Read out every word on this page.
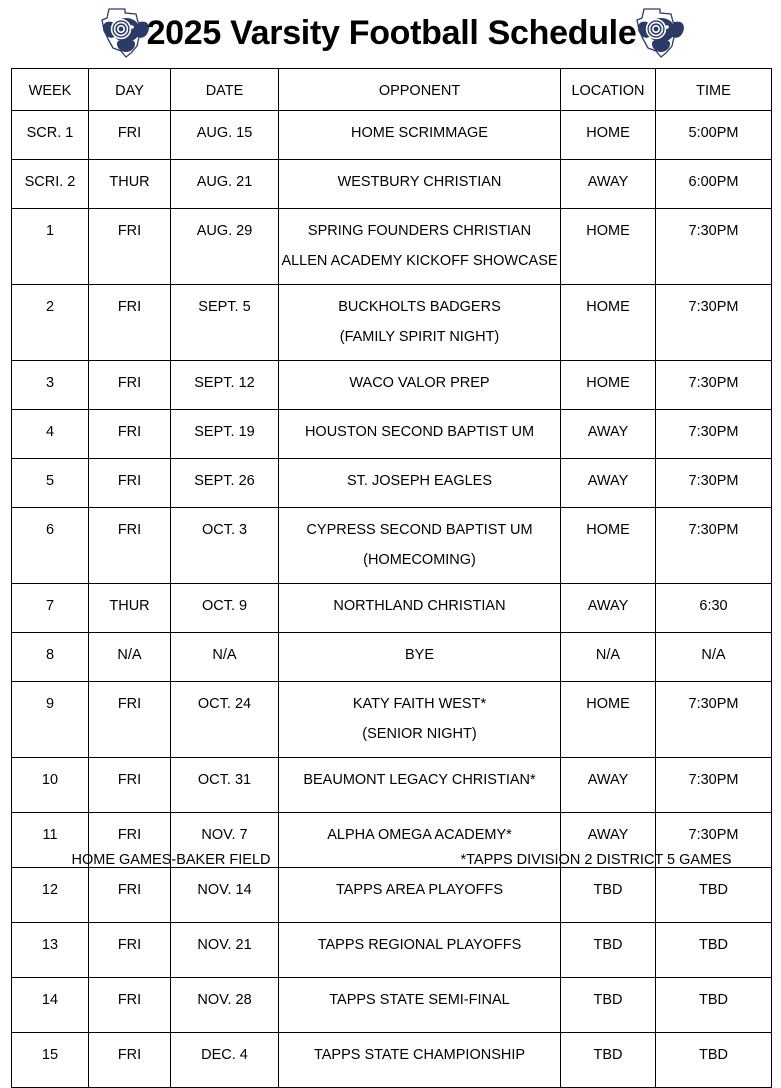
2025 Varsity Football Schedule
WEEK	DAY	DATE	OPPONENT	LOCATION	TIME
SCR. 1	FRI	AUG. 15	HOME SCRIMMAGE	HOME	5:00PM
SCRI. 2	THUR	AUG. 21	WESTBURY CHRISTIAN	AWAY	6:00PM
1	FRI	AUG. 29	SPRING FOUNDERS CHRISTIAN
ALLEN ACADEMY KICKOFF SHOWCASE	HOME	7:30PM
2	FRI	SEPT. 5	BUCKHOLTS BADGERS
(FAMILY SPIRIT NIGHT)	HOME	7:30PM
3	FRI	SEPT. 12	WACO VALOR PREP	HOME	7:30PM
4	FRI	SEPT. 19	HOUSTON SECOND BAPTIST UM	AWAY	7:30PM
5	FRI	SEPT. 26	ST. JOSEPH EAGLES	AWAY	7:30PM
6	FRI	OCT. 3	CYPRESS SECOND BAPTIST UM
(HOMECOMING)	HOME	7:30PM
7	THUR	OCT. 9	NORTHLAND CHRISTIAN	AWAY	6:30
8	N/A	N/A	BYE	N/A	N/A
9	FRI	OCT. 24	KATY FAITH WEST*
(SENIOR NIGHT)	HOME	7:30PM
10	FRI	OCT. 31	BEAUMONT LEGACY CHRISTIAN*	AWAY	7:30PM
11	FRI	NOV. 7	ALPHA OMEGA ACADEMY*	AWAY	7:30PM
12	FRI	NOV. 14	TAPPS AREA PLAYOFFS	TBD	TBD
13	FRI	NOV. 21	TAPPS REGIONAL PLAYOFFS	TBD	TBD
14	FRI	NOV. 28	TAPPS STATE SEMI-FINAL	TBD	TBD
15	FRI	DEC. 4	TAPPS STATE CHAMPIONSHIP	TBD	TBD
HOME GAMES-BAKER FIELD	*TAPPS DIVISION 2 DISTRICT 5 GAMES
